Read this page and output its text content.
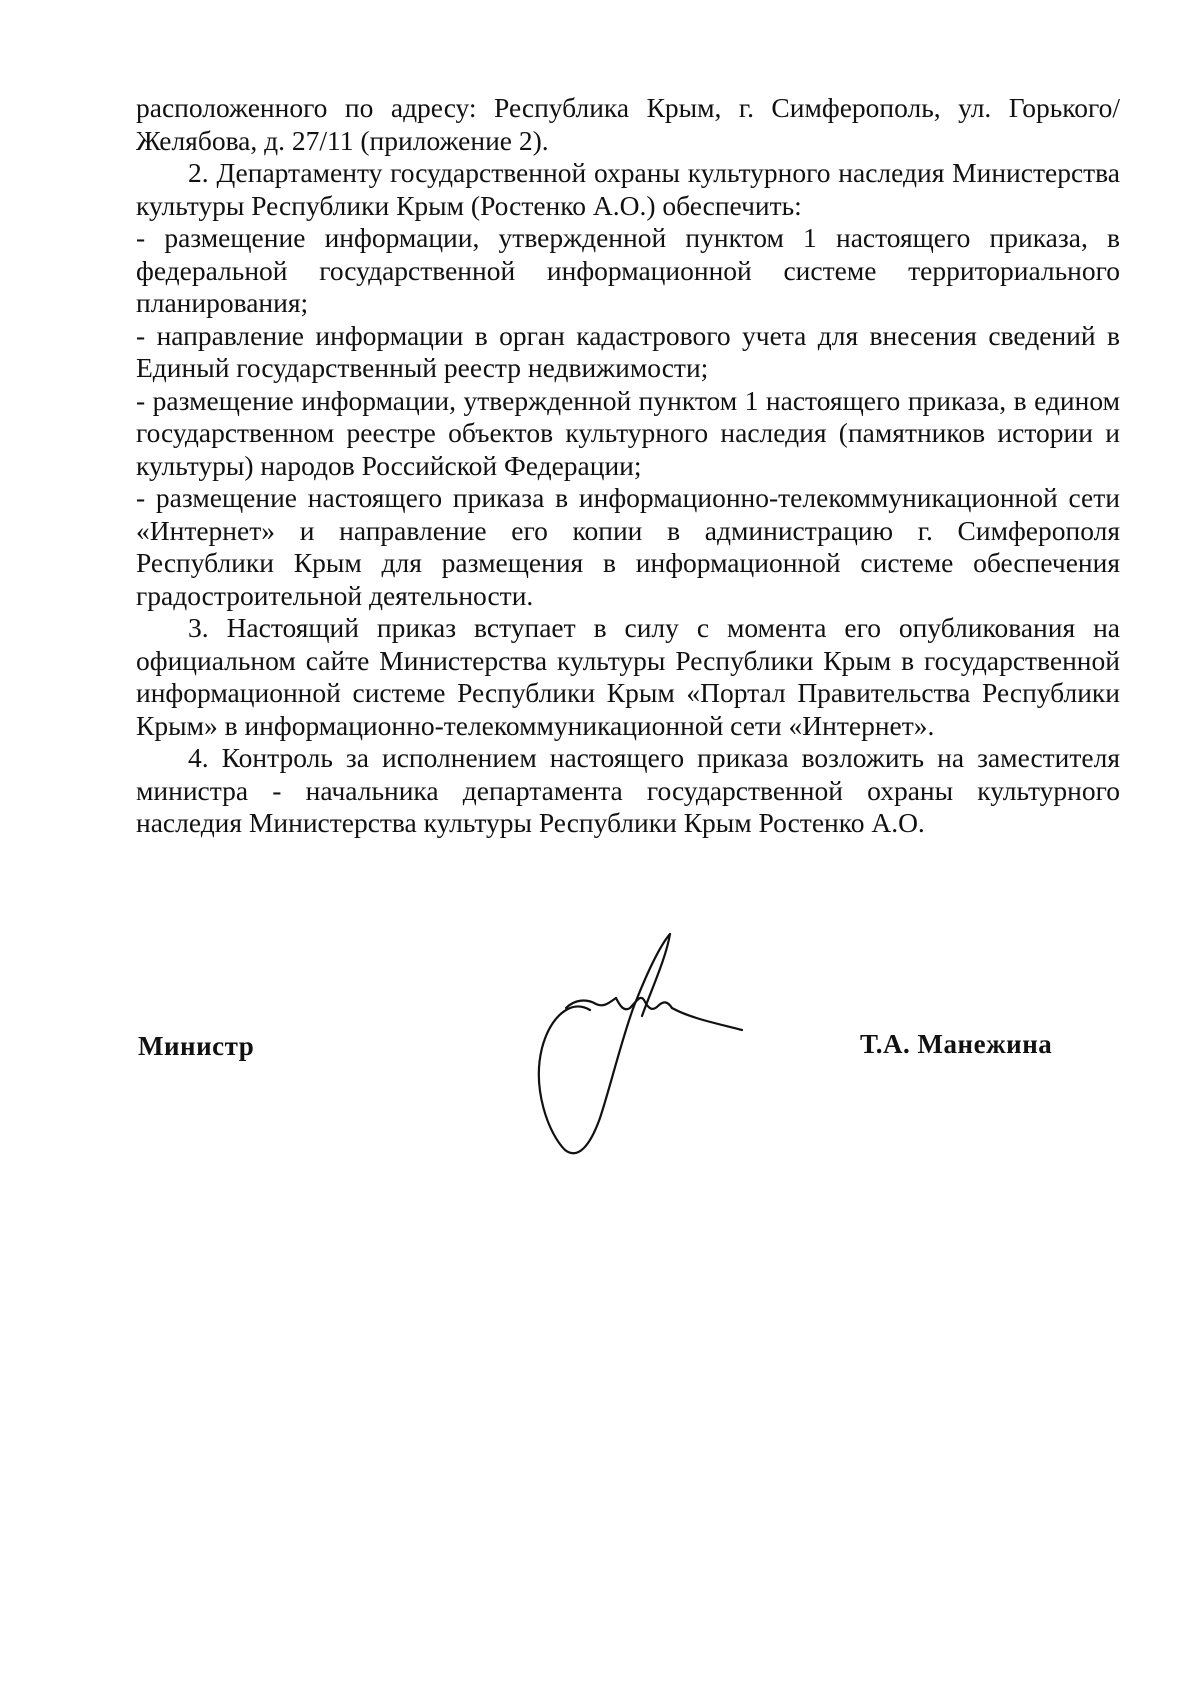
расположенного по адресу: Республика Крым, г. Симферополь, ул. Горького/Желябова, д. 27/11 (приложение 2).

2. Департаменту государственной охраны культурного наследия Министерства культуры Республики Крым (Ростенко А.О.) обеспечить:

- размещение информации, утвержденной пунктом 1 настоящего приказа, в федеральной государственной информационной системе территориального планирования;

- направление информации в орган кадастрового учета для внесения сведений в Единый государственный реестр недвижимости;

- размещение информации, утвержденной пунктом 1 настоящего приказа, в едином государственном реестре объектов культурного наследия (памятников истории и культуры) народов Российской Федерации;

- размещение настоящего приказа в информационно-телекоммуникационной сети «Интернет» и направление его копии в администрацию г. Симферополя Республики Крым для размещения в информационной системе обеспечения градостроительной деятельности.

3. Настоящий приказ вступает в силу с момента его опубликования на официальном сайте Министерства культуры Республики Крым в государственной информационной системе Республики Крым «Портал Правительства Республики Крым» в информационно-телекоммуникационной сети «Интернет».

4. Контроль за исполнением настоящего приказа возложить на заместителя министра - начальника департамента государственной охраны культурного наследия Министерства культуры Республики Крым Ростенко А.О.

Министр	Т.А. Манежина
